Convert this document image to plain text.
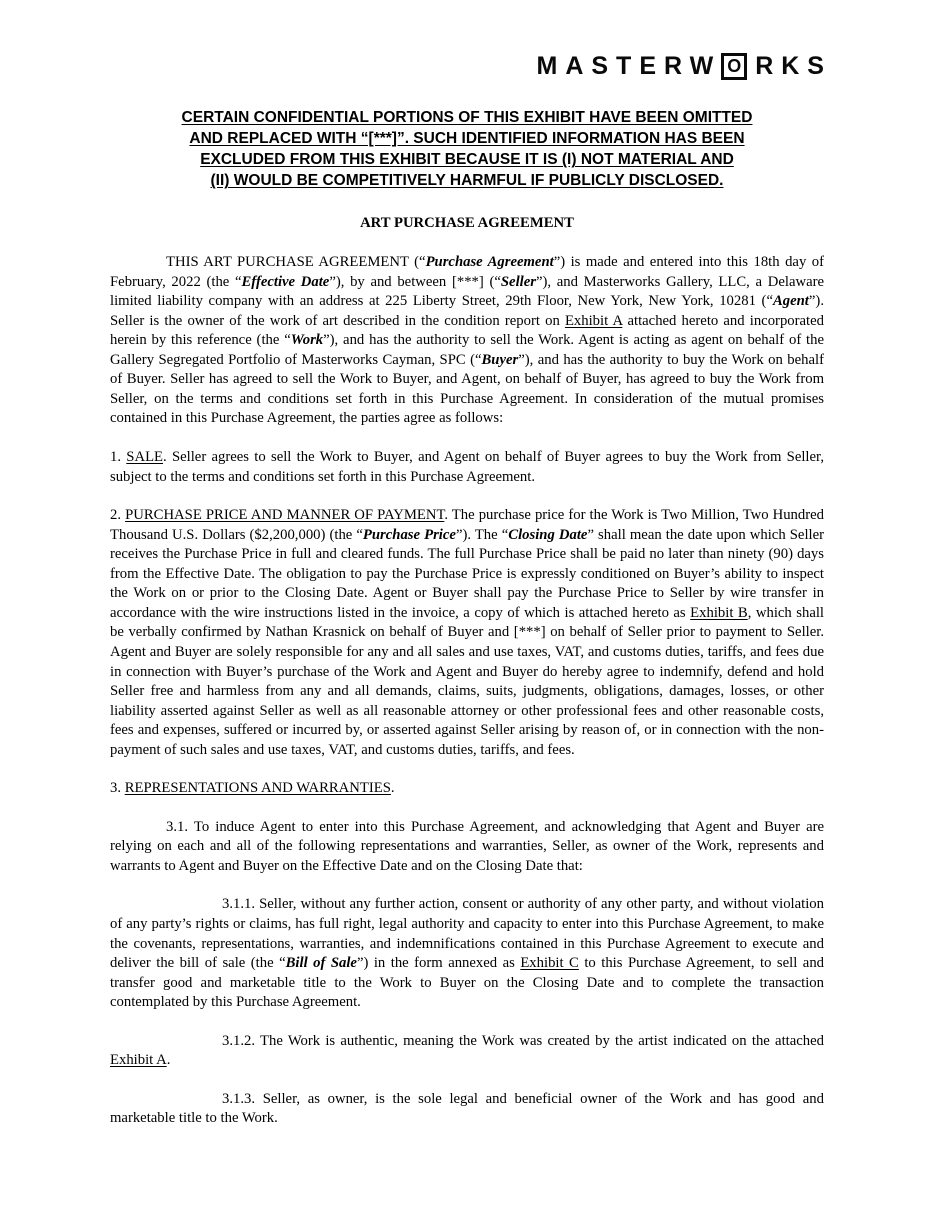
MASTERW O RKS
CERTAIN CONFIDENTIAL PORTIONS OF THIS EXHIBIT HAVE BEEN OMITTED
AND REPLACED WITH “[***]”. SUCH IDENTIFIED INFORMATION HAS BEEN
EXCLUDED FROM THIS EXHIBIT BECAUSE IT IS (I) NOT MATERIAL AND
(II) WOULD BE COMPETITIVELY HARMFUL IF PUBLICLY DISCLOSED.
ART PURCHASE AGREEMENT

THIS ART PURCHASE AGREEMENT (“Purchase Agreement”) is made and entered into this 18th day of February, 2022 (the “Effective Date”), by and between [***] (“Seller”), and Masterworks Gallery, LLC, a Delaware limited liability company with an address at 225 Liberty Street, 29th Floor, New York, New York, 10281 (“Agent”). Seller is the owner of the work of art described in the condition report on Exhibit A attached hereto and incorporated herein by this reference (the “Work”), and has the authority to sell the Work. Agent is acting as agent on behalf of the Gallery Segregated Portfolio of Masterworks Cayman, SPC (“Buyer”), and has the authority to buy the Work on behalf of Buyer. Seller has agreed to sell the Work to Buyer, and Agent, on behalf of Buyer, has agreed to buy the Work from Seller, on the terms and conditions set forth in this Purchase Agreement. In consideration of the mutual promises contained in this Purchase Agreement, the parties agree as follows:

1. SALE. Seller agrees to sell the Work to Buyer, and Agent on behalf of Buyer agrees to buy the Work from Seller, subject to the terms and conditions set forth in this Purchase Agreement.

2. PURCHASE PRICE AND MANNER OF PAYMENT. The purchase price for the Work is Two Million, Two Hundred Thousand U.S. Dollars ($2,200,000) (the “Purchase Price”). The “Closing Date” shall mean the date upon which Seller receives the Purchase Price in full and cleared funds. The full Purchase Price shall be paid no later than ninety (90) days from the Effective Date. The obligation to pay the Purchase Price is expressly conditioned on Buyer’s ability to inspect the Work on or prior to the Closing Date. Agent or Buyer shall pay the Purchase Price to Seller by wire transfer in accordance with the wire instructions listed in the invoice, a copy of which is attached hereto as Exhibit B, which shall be verbally confirmed by Nathan Krasnick on behalf of Buyer and [***] on behalf of Seller prior to payment to Seller. Agent and Buyer are solely responsible for any and all sales and use taxes, VAT, and customs duties, tariffs, and fees due in connection with Buyer’s purchase of the Work and Agent and Buyer do hereby agree to indemnify, defend and hold Seller free and harmless from any and all demands, claims, suits, judgments, obligations, damages, losses, or other liability asserted against Seller as well as all reasonable attorney or other professional fees and other reasonable costs, fees and expenses, suffered or incurred by, or asserted against Seller arising by reason of, or in connection with the non-payment of such sales and use taxes, VAT, and customs duties, tariffs, and fees.

3. REPRESENTATIONS AND WARRANTIES.

3.1. To induce Agent to enter into this Purchase Agreement, and acknowledging that Agent and Buyer are relying on each and all of the following representations and warranties, Seller, as owner of the Work, represents and warrants to Agent and Buyer on the Effective Date and on the Closing Date that:

3.1.1. Seller, without any further action, consent or authority of any other party, and without violation of any party’s rights or claims, has full right, legal authority and capacity to enter into this Purchase Agreement, to make the covenants, representations, warranties, and indemnifications contained in this Purchase Agreement to execute and deliver the bill of sale (the “Bill of Sale”) in the form annexed as Exhibit C to this Purchase Agreement, to sell and transfer good and marketable title to the Work to Buyer on the Closing Date and to complete the transaction contemplated by this Purchase Agreement.

3.1.2. The Work is authentic, meaning the Work was created by the artist indicated on the attached Exhibit A.

3.1.3. Seller, as owner, is the sole legal and beneficial owner of the Work and has good and marketable title to the Work.
